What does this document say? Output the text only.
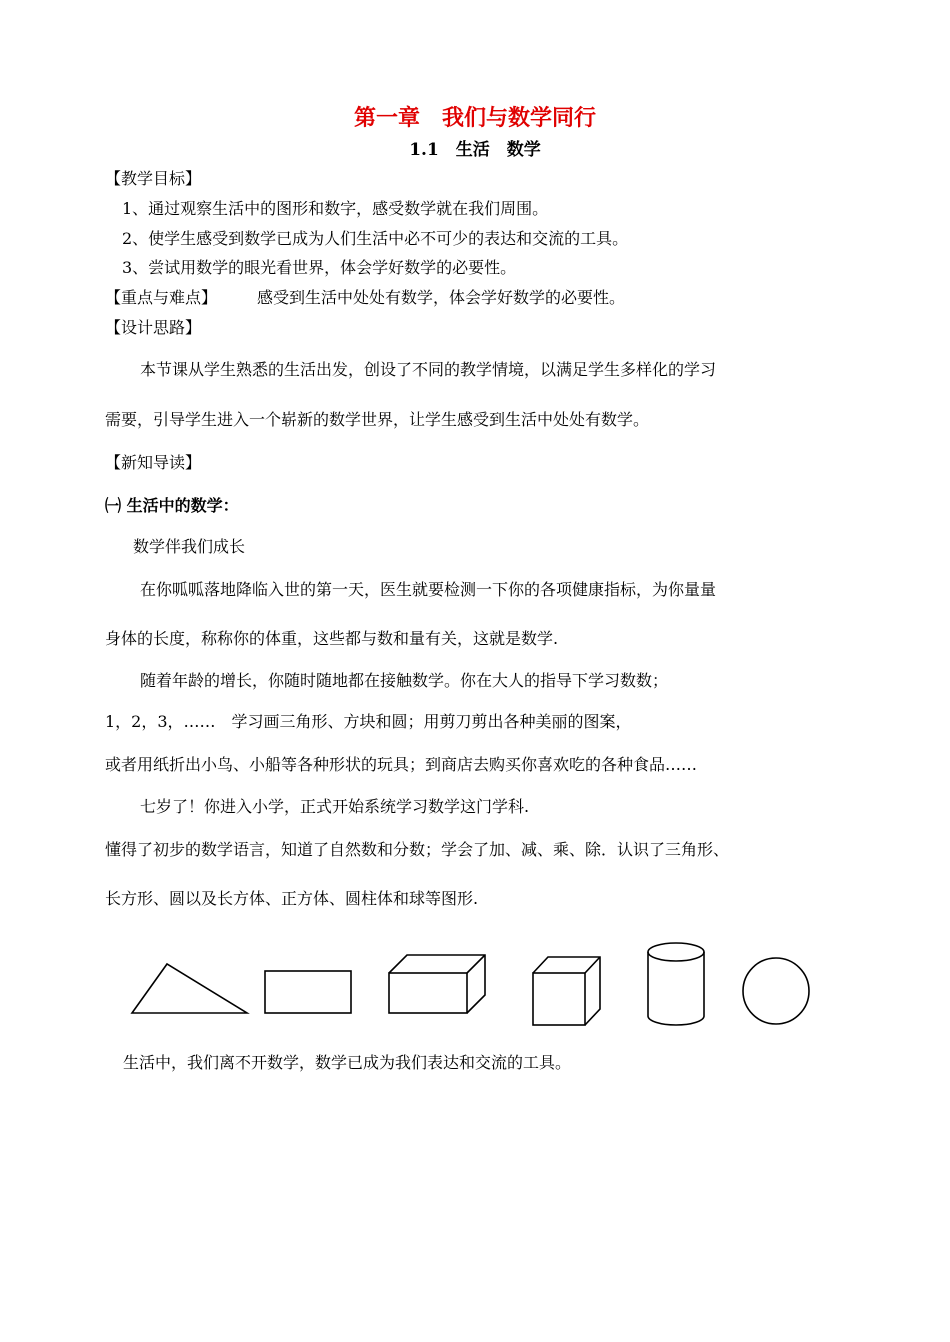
第一章　我们与数学同行
1.1　生活　数学
【教学目标】
1、通过观察生活中的图形和数字，感受数学就在我们周围。
2、使学生感受到数学已成为人们生活中必不可少的表达和交流的工具。
3、尝试用数学的眼光看世界，体会学好数学的必要性。
【重点与难点】 感受到生活中处处有数学，体会学好数学的必要性。
【设计思路】
本节课从学生熟悉的生活出发，创设了不同的教学情境，以满足学生多样化的学习
需要，引导学生进入一个崭新的数学世界，让学生感受到生活中处处有数学。
【新知导读】
㈠ 生活中的数学：
数学伴我们成长
在你呱呱落地降临入世的第一天，医生就要检测一下你的各项健康指标，为你量量
身体的长度，称称你的体重，这些都与数和量有关，这就是数学.
随着年龄的增长，你随时随地都在接触数学。你在大人的指导下学习数数；
1，2，3，……　学习画三角形、方块和圆；用剪刀剪出各种美丽的图案，
或者用纸折出小鸟、小船等各种形状的玩具；到商店去购买你喜欢吃的各种食品……
七岁了！你进入小学，正式开始系统学习数学这门学科.
懂得了初步的数学语言，知道了自然数和分数；学会了加、减、乘、除．认识了三角形、
长方形、圆以及长方体、正方体、圆柱体和球等图形.
生活中，我们离不开数学，数学已成为我们表达和交流的工具。
